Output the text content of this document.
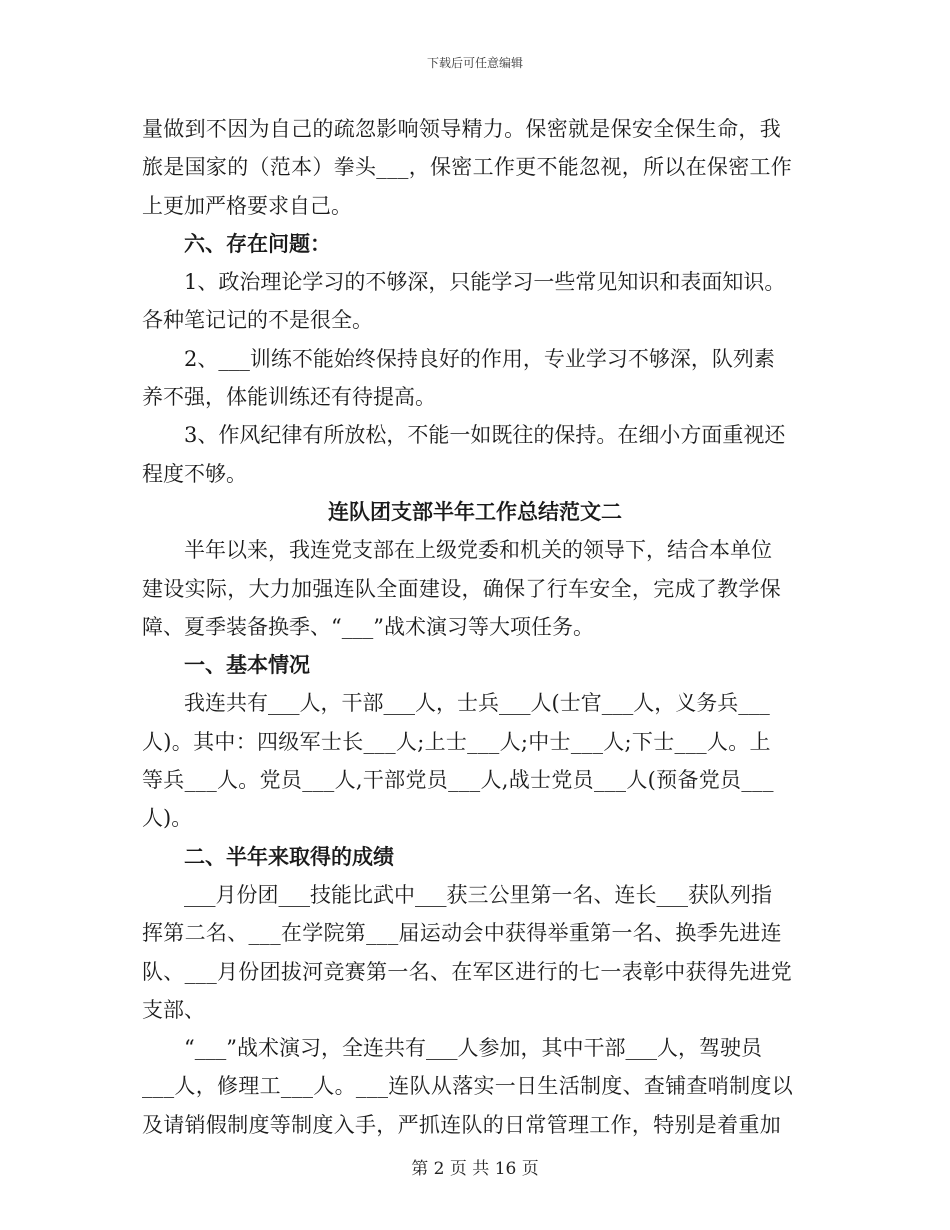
下载后可任意编辑
量做到不因为自己的疏忽影响领导精力。保密就是保安全保生命，我
旅是国家的（范本）拳头___，保密工作更不能忽视，所以在保密工作
上更加严格要求自己。
六、存在问题：
1、政治理论学习的不够深，只能学习一些常见知识和表面知识。
各种笔记记的不是很全。
2、___训练不能始终保持良好的作用，专业学习不够深，队列素
养不强，体能训练还有待提高。
3、作风纪律有所放松，不能一如既往的保持。在细小方面重视还
程度不够。
连队团支部半年工作总结范文二
半年以来，我连党支部在上级党委和机关的领导下，结合本单位
建设实际，大力加强连队全面建设，确保了行车安全，完成了教学保
障、夏季装备换季、“___”战术演习等大项任务。
一、基本情况
我连共有___人，干部___人，士兵___人(士官___人，义务兵___
人)。其中：四级军士长___人;上士___人;中士___人;下士___人。上
等兵___人。党员___人,干部党员___人,战士党员___人(预备党员___
人)。
二、半年来取得的成绩
___月份团___技能比武中___获三公里第一名、连长___获队列指
挥第二名、___在学院第___届运动会中获得举重第一名、换季先进连
队、___月份团拔河竞赛第一名、在军区进行的七一表彰中获得先进党
支部、
“___”战术演习，全连共有___人参加，其中干部___人，驾驶员
___人，修理工___人。___连队从落实一日生活制度、查铺查哨制度以
及请销假制度等制度入手，严抓连队的日常管理工作，特别是着重加
第 2 页 共 16 页
